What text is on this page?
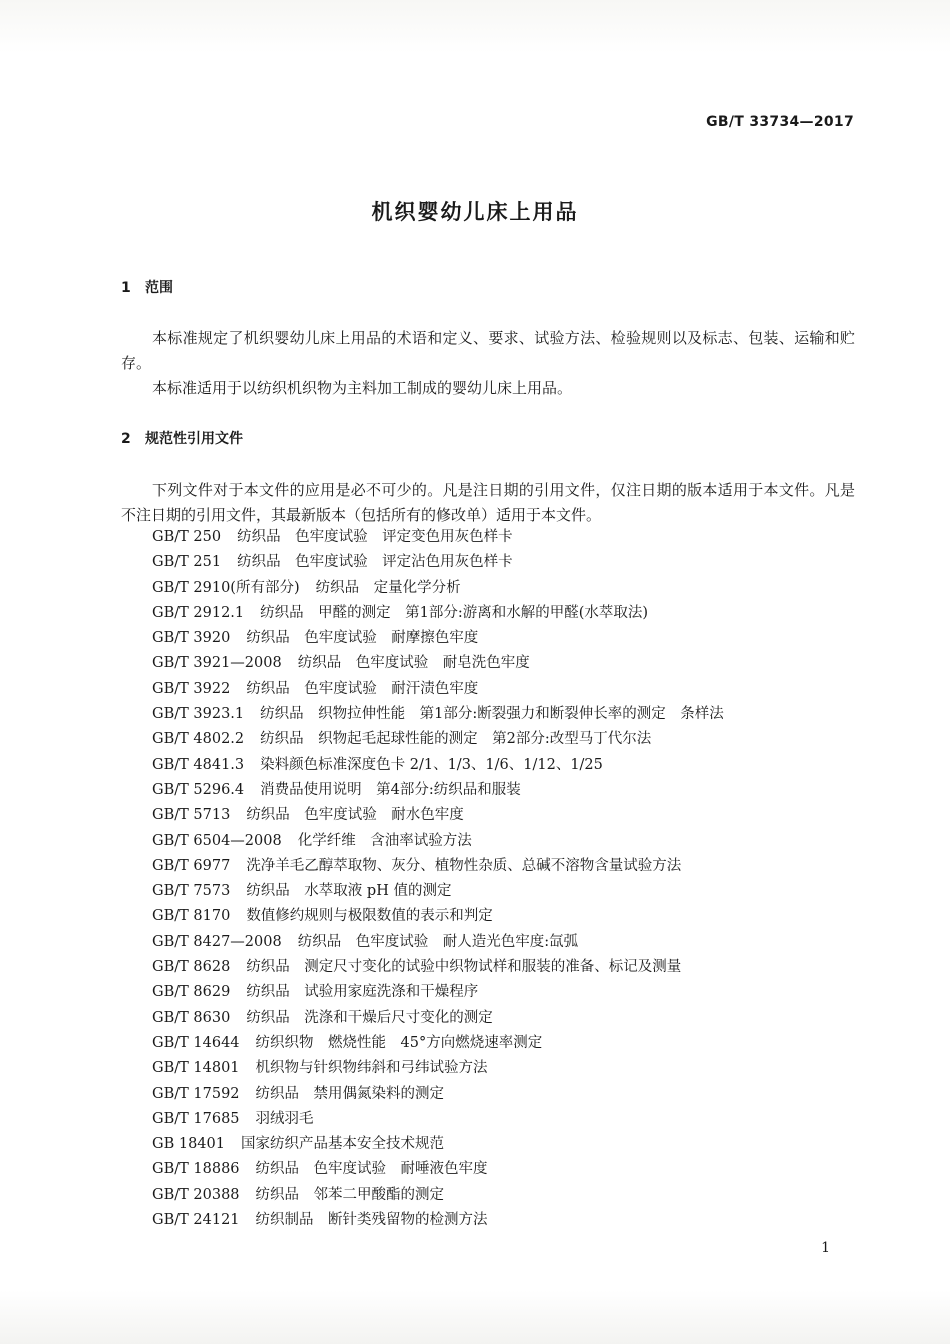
GB/T 33734—2017
机织婴幼儿床上用品
1 范围
本标准规定了机织婴幼儿床上用品的术语和定义、要求、试验方法、检验规则以及标志、包装、运输和贮存。
本标准适用于以纺织机织物为主料加工制成的婴幼儿床上用品。
2 规范性引用文件
下列文件对于本文件的应用是必不可少的。凡是注日期的引用文件，仅注日期的版本适用于本文件。凡是不注日期的引用文件，其最新版本（包括所有的修改单）适用于本文件。
GB/T 250 纺织品　色牢度试验　评定变色用灰色样卡
GB/T 251 纺织品　色牢度试验　评定沾色用灰色样卡
GB/T 2910(所有部分) 纺织品　定量化学分析
GB/T 2912.1 纺织品　甲醛的测定　第1部分:游离和水解的甲醛(水萃取法)
GB/T 3920 纺织品　色牢度试验　耐摩擦色牢度
GB/T 3921—2008 纺织品　色牢度试验　耐皂洗色牢度
GB/T 3922 纺织品　色牢度试验　耐汗渍色牢度
GB/T 3923.1 纺织品　织物拉伸性能　第1部分:断裂强力和断裂伸长率的测定　条样法
GB/T 4802.2 纺织品　织物起毛起球性能的测定　第2部分:改型马丁代尔法
GB/T 4841.3 染料颜色标准深度色卡 2/1、1/3、1/6、1/12、1/25
GB/T 5296.4 消费品使用说明　第4部分:纺织品和服装
GB/T 5713 纺织品　色牢度试验　耐水色牢度
GB/T 6504—2008 化学纤维　含油率试验方法
GB/T 6977 洗净羊毛乙醇萃取物、灰分、植物性杂质、总碱不溶物含量试验方法
GB/T 7573 纺织品　水萃取液 pH 值的测定
GB/T 8170 数值修约规则与极限数值的表示和判定
GB/T 8427—2008 纺织品　色牢度试验　耐人造光色牢度:氙弧
GB/T 8628 纺织品　测定尺寸变化的试验中织物试样和服装的准备、标记及测量
GB/T 8629 纺织品　试验用家庭洗涤和干燥程序
GB/T 8630 纺织品　洗涤和干燥后尺寸变化的测定
GB/T 14644 纺织织物　燃烧性能　45°方向燃烧速率测定
GB/T 14801 机织物与针织物纬斜和弓纬试验方法
GB/T 17592 纺织品　禁用偶氮染料的测定
GB/T 17685 羽绒羽毛
GB 18401 国家纺织产品基本安全技术规范
GB/T 18886 纺织品　色牢度试验　耐唾液色牢度
GB/T 20388 纺织品　邻苯二甲酸酯的测定
GB/T 24121 纺织制品　断针类残留物的检测方法
1
